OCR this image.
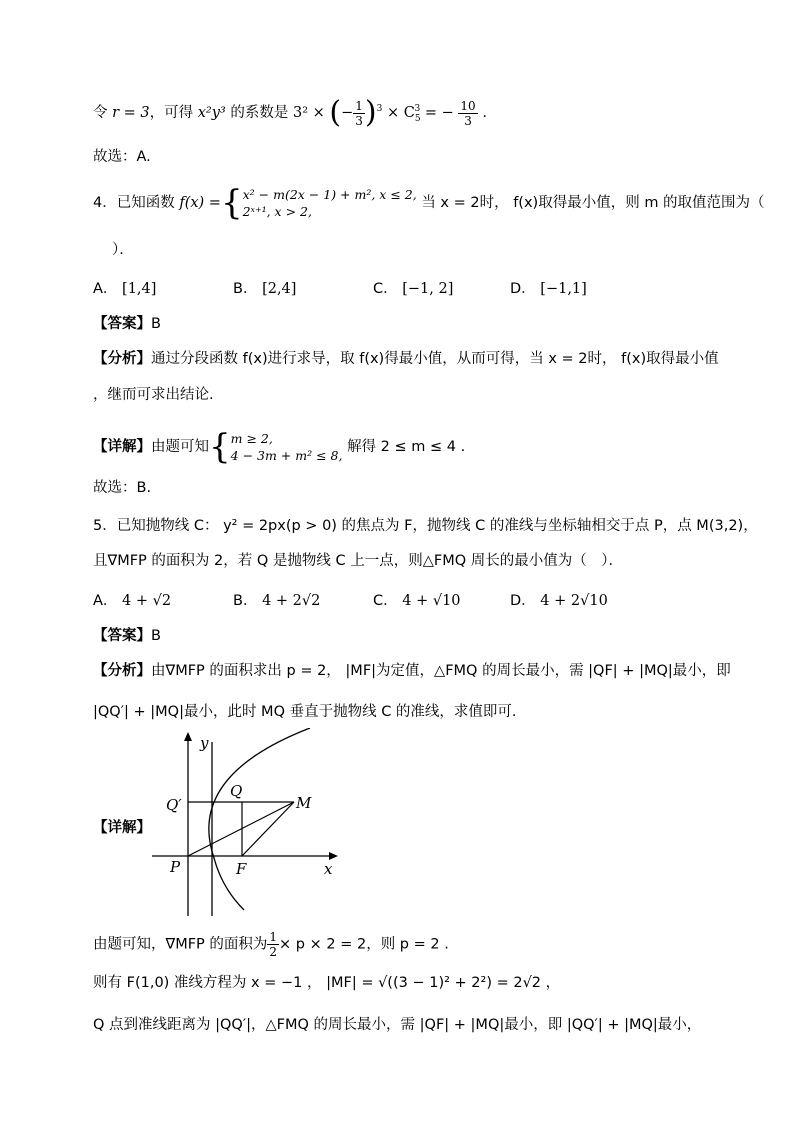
令 r = 3，可得 x²y³ 的系数是 3² × (− $\frac{1}{3} )^3 \times C_5^3$ = − $\frac{10}{3}$ .
故选：A.
4．已知函数 f(x) ={ x² − m(2x − 1) + m², x ≤ 2,
2ˣ⁺¹, x > 2,
当 x = 2时， f(x)取得最小值，则 m 的取值范围为（
）．
A． [1,4]	B． [2,4]	C． [−1, 2]	D． [−1,1]
【答案】B
【分析】通过分段函数 f(x)进行求导，取 f(x)得最小值，从而可得，当 x = 2时， f(x)取得最小值
，继而可求出结论.
【详解】由题可知{ m ≥ 2,
4 − 3m + m² ≤ 8,
解得 2 ≤ m ≤ 4 .
故选：B.
5．已知抛物线 C： y² = 2px(p > 0) 的焦点为 F，抛物线 C 的准线与坐标轴相交于点 P，点 M(3,2)，
且∇MFP 的面积为 2，若 Q 是抛物线 C 上一点，则△FMQ 周长的最小值为（　）．
A． 4 + √2	B． 4 + 2√2	C． 4 + √10	D． 4 + 2√10
【答案】B
【分析】由∇MFP 的面积求出 p = 2， |MF|为定值，△FMQ 的周长最小，需 |QF| + |MQ|最小，即
|QQ′| + |MQ|最小，此时 MQ 垂直于抛物线 C 的准线，求值即可.
【详解】
y
x
Q
Q′	M
P	F
由题可知，∇MFP 的面积为 $\frac{1}{2} \times p \times 2 = 2$，则 p = 2 .
则有 F(1,0) 准线方程为 x = −1 ， |MF| = √((3 − 1)² + 2²) = 2√2 ，
Q 点到准线距离为 |QQ′|，△FMQ 的周长最小，需 |QF| + |MQ|最小，即 |QQ′| + |MQ|最小，
